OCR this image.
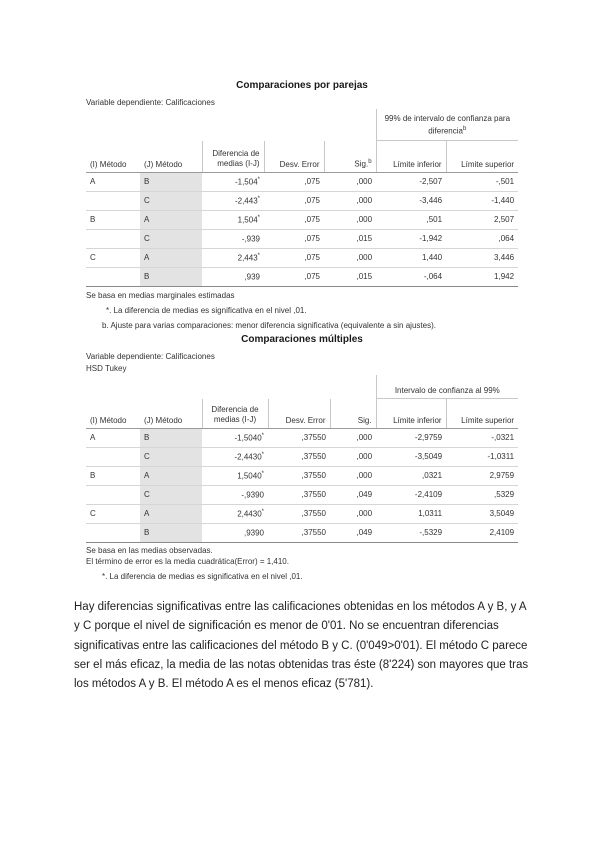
Comparaciones por parejas
Variable dependiente: Calificaciones
					99% de intervalo de confianza para diferencia$^b$
(I) Método	(J) Método	Diferencia de medias (I-J)	Desv. Error	Sig.$^b$	Límite inferior	Límite superior
A	B	-1,504*	,075	,000	-2,507	-,501
	C	-2,443*	,075	,000	-3,446	-1,440
B	A	1,504*	,075	,000	,501	2,507
	C	-,939	,075	,015	-1,942	,064
C	A	2,443*	,075	,000	1,440	3,446
	B	,939	,075	,015	-,064	1,942
Se basa en medias marginales estimadas
*. La diferencia de medias es significativa en el nivel ,01.
b. Ajuste para varias comparaciones: menor diferencia significativa (equivalente a sin ajustes).
Comparaciones múltiples
Variable dependiente: Calificaciones
HSD Tukey
					Intervalo de confianza al 99%	
(I) Método	(J) Método	Diferencia de medias (I-J)	Desv. Error	Sig.	Límite inferior	Límite superior
A	B	-1,5040*	,37550	,000	-2,9759	-,0321
	C	-2,4430*	,37550	,000	-3,5049	-1,0311
B	A	1,5040*	,37550	,000	,0321	2,9759
	C	-,9390	,37550	,049	-2,4109	,5329
C	A	2,4430*	,37550	,000	1,0311	3,5049
	B	,9390	,37550	,049	-,5329	2,4109
Se basa en las medias observadas.
El término de error es la media cuadrática(Error) = 1,410.
*. La diferencia de medias es significativa en el nivel ,01.
Hay diferencias significativas entre las calificaciones obtenidas en los métodos A y B, y A y C porque el nivel de significación es menor de 0'01. No se encuentran diferencias significativas entre las calificaciones del método B y C. (0'049>0'01). El método C parece ser el más eficaz, la media de las notas obtenidas tras éste (8'224) son mayores que tras los métodos A y B. El método A es el menos eficaz (5'781).
